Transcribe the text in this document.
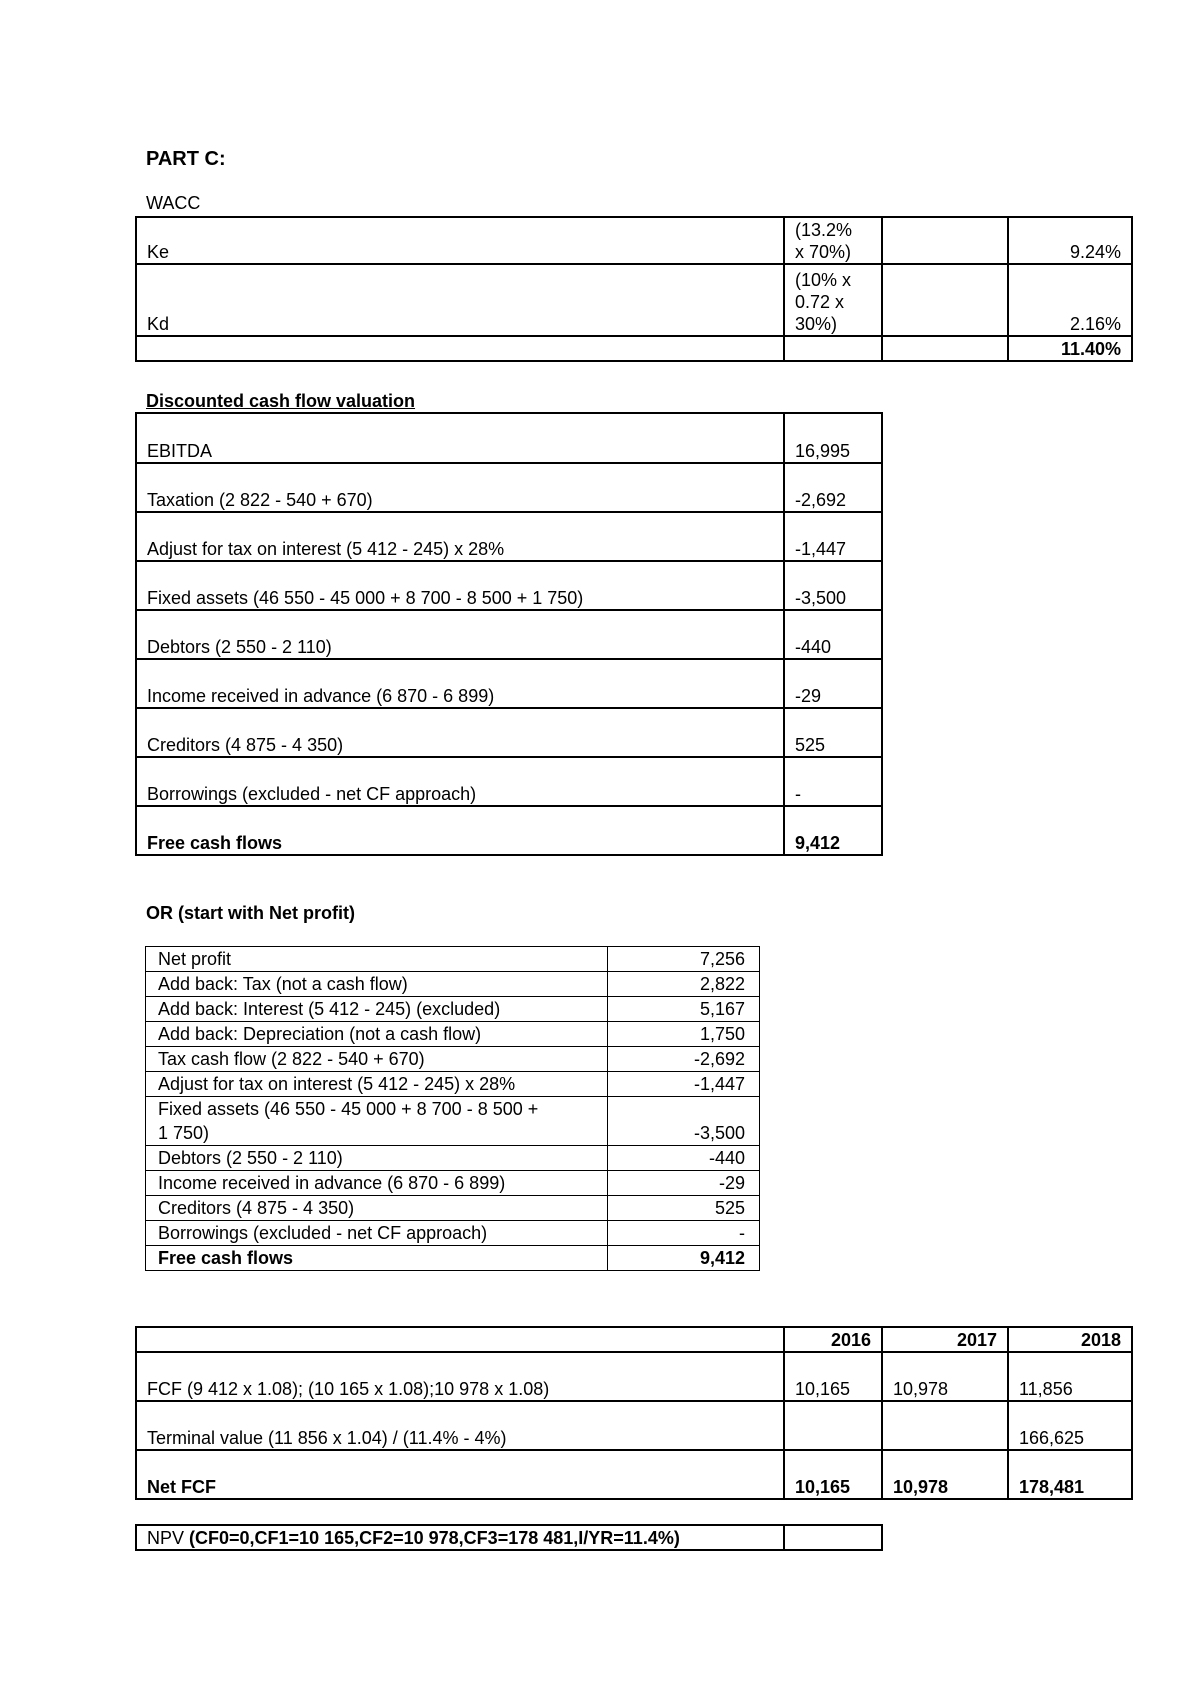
PART C:
WACC
Ke	(13.2%
x 70%)		9.24%
Kd	(10% x
0.72 x
30%)		2.16%
			11.40%
Discounted cash flow valuation
EBITDA	16,995
Taxation (2 822 - 540 + 670)	-2,692
Adjust for tax on interest (5 412 - 245) x 28%	-1,447
Fixed assets (46 550 - 45 000 + 8 700 - 8 500 + 1 750)	-3,500
Debtors (2 550 - 2 110)	-440
Income received in advance (6 870 - 6 899)	-29
Creditors (4 875 - 4 350)	525
Borrowings (excluded - net CF approach)	-
Free cash flows	9,412
OR (start with Net profit)
Net profit	7,256
Add back: Tax (not a cash flow)	2,822
Add back: Interest (5 412 - 245) (excluded)	5,167
Add back: Depreciation (not a cash flow)	1,750
Tax cash flow (2 822 - 540 + 670)	-2,692
Adjust for tax on interest (5 412 - 245) x 28%	-1,447

Fixed assets (46 550 - 45 000 + 8 700 - 8 500 +
1 750)	-3,500
Debtors (2 550 - 2 110)	-440
Income received in advance (6 870 - 6 899)	-29
Creditors (4 875 - 4 350)	525
Borrowings (excluded - net CF approach)	-
Free cash flows	9,412
	2016	2017	2018
FCF (9 412 x 1.08); (10 165 x 1.08);10 978 x 1.08)	10,165	10,978	11,856
Terminal value (11 856 x 1.04) / (11.4% - 4%)			166,625
Net FCF	10,165	10,978	178,481
NPV (CF0=0,CF1=10 165,CF2=10 978,CF3=178 481,I/YR=11.4%)	
